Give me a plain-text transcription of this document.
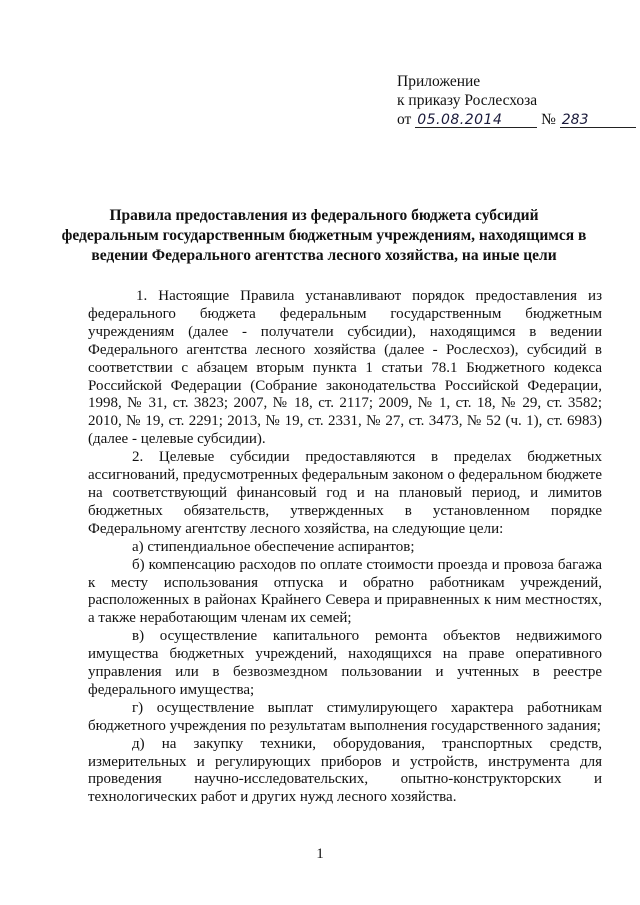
Приложение
к приказу Рослесхоза
от 05.08.2014 № 283
Правила предоставления из федерального бюджета субсидий федеральным государственным бюджетным учреждениям, находящимся в ведении Федерального агентства лесного хозяйства, на иные цели

1. Настоящие Правила устанавливают порядок предоставления из федерального бюджета федеральным государственным бюджетным учреждениям (далее - получатели субсидии), находящимся в ведении Федерального агентства лесного хозяйства (далее - Рослесхоз), субсидий в соответствии с абзацем вторым пункта 1 статьи 78.1 Бюджетного кодекса Российской Федерации (Собрание законодательства Российской Федерации, 1998, № 31, ст. 3823; 2007, № 18, ст. 2117; 2009, № 1, ст. 18, № 29, ст. 3582; 2010, № 19, ст. 2291; 2013, № 19, ст. 2331, № 27, ст. 3473, № 52 (ч. 1), ст. 6983) (далее - целевые субсидии).

2. Целевые субсидии предоставляются в пределах бюджетных ассигнований, предусмотренных федеральным законом о федеральном бюджете на соответствующий финансовый год и на плановый период, и лимитов бюджетных обязательств, утвержденных в установленном порядке Федеральному агентству лесного хозяйства, на следующие цели:

а) стипендиальное обеспечение аспирантов;

б) компенсацию расходов по оплате стоимости проезда и провоза багажа к месту использования отпуска и обратно работникам учреждений, расположенных в районах Крайнего Севера и приравненных к ним местностях, а также неработающим членам их семей;

в) осуществление капитального ремонта объектов недвижимого имущества бюджетных учреждений, находящихся на праве оперативного управления или в безвозмездном пользовании и учтенных в реестре федерального имущества;

г) осуществление выплат стимулирующего характера работникам бюджетного учреждения по результатам выполнения государственного задания;

д) на закупку техники, оборудования, транспортных средств, измерительных и регулирующих приборов и устройств, инструмента для проведения научно-исследовательских, опытно-конструкторских и технологических работ и других нужд лесного хозяйства.

1
